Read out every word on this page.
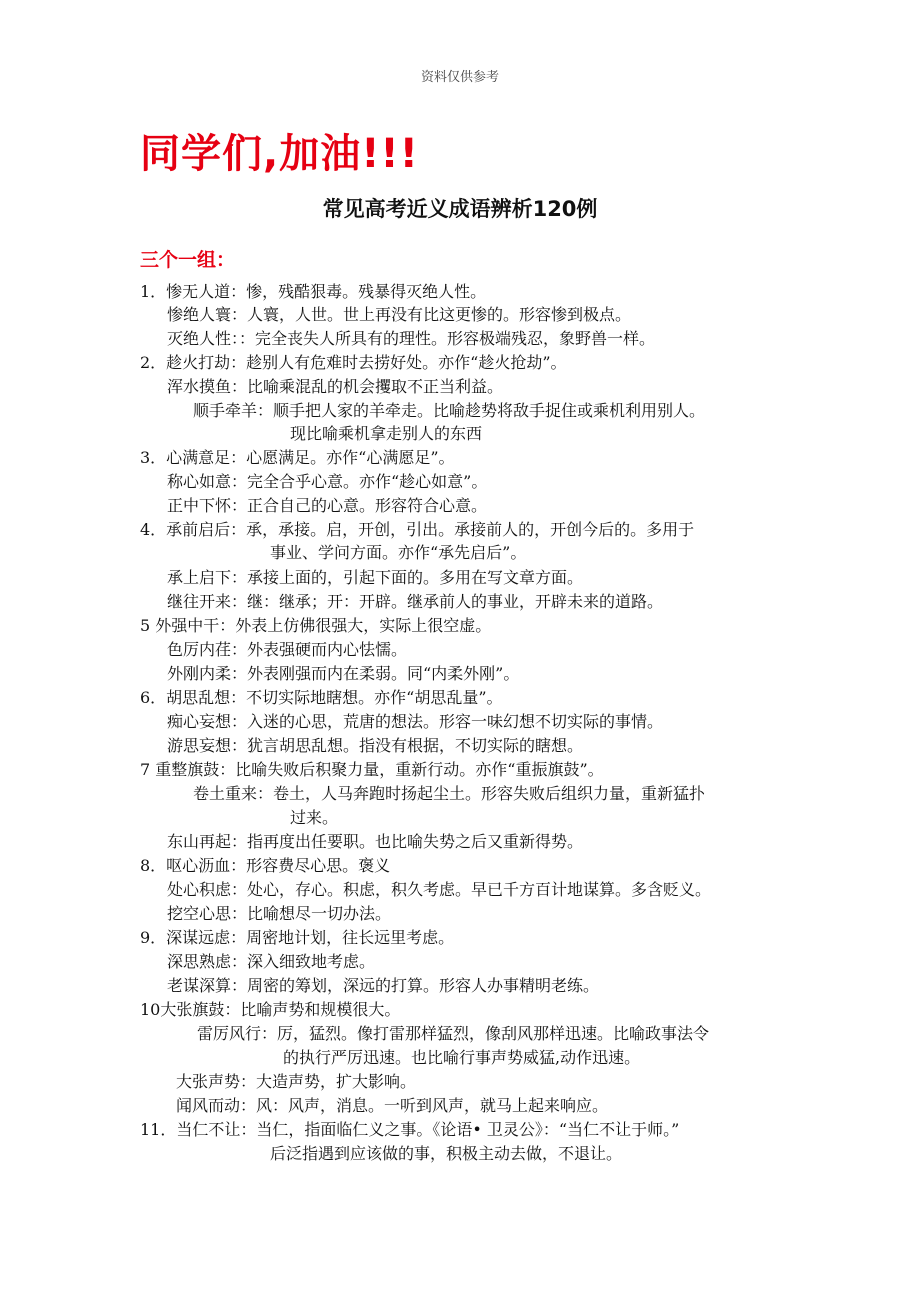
资料仅供参考
同学们,加油!!!
常见高考近义成语辨析120例
三个一组：
1．惨无人道：惨，残酷狠毒。残暴得灭绝人性。
惨绝人寰：人寰，人世。世上再没有比这更惨的。形容惨到极点。
灭绝人性：：完全丧失人所具有的理性。形容极端残忍，象野兽一样。
2．趁火打劫：趁别人有危难时去捞好处。亦作“趁火抢劫”。
浑水摸鱼：比喻乘混乱的机会攫取不正当利益。
顺手牵羊：顺手把人家的羊牵走。比喻趁势将敌手捉住或乘机利用别人。
现比喻乘机拿走别人的东西
3．心满意足：心愿满足。亦作“心满愿足”。
称心如意：完全合乎心意。亦作“趁心如意”。
正中下怀：正合自己的心意。形容符合心意。
4．承前启后：承，承接。启，开创，引出。承接前人的，开创今后的。多用于
事业、学问方面。亦作“承先启后”。
承上启下：承接上面的，引起下面的。多用在写文章方面。
继往开来：继：继承；开：开辟。继承前人的事业，开辟未来的道路。
5 外强中干：外表上仿佛很强大，实际上很空虚。
色厉内荏：外表强硬而内心怯懦。
外刚内柔：外表刚强而内在柔弱。同“内柔外刚”。
6．胡思乱想：不切实际地瞎想。亦作“胡思乱量”。
痴心妄想：入迷的心思，荒唐的想法。形容一味幻想不切实际的事情。
游思妄想：犹言胡思乱想。指没有根据，不切实际的瞎想。
7 重整旗鼓：比喻失败后积聚力量，重新行动。亦作“重振旗鼓”。
卷土重来：卷土，人马奔跑时扬起尘土。形容失败后组织力量，重新猛扑
过来。
东山再起：指再度出任要职。也比喻失势之后又重新得势。
8．呕心沥血：形容费尽心思。褒义
处心积虑：处心，存心。积虑，积久考虑。早已千方百计地谋算。多含贬义。
挖空心思：比喻想尽一切办法。
9．深谋远虑：周密地计划，往长远里考虑。
深思熟虑：深入细致地考虑。
老谋深算：周密的筹划，深远的打算。形容人办事精明老练。
10大张旗鼓：比喻声势和规模很大。
雷厉风行：厉，猛烈。像打雷那样猛烈，像刮风那样迅速。比喻政事法令
的执行严厉迅速。也比喻行事声势威猛,动作迅速。
大张声势：大造声势，扩大影响。
闻风而动：风：风声，消息。一听到风声，就马上起来响应。
11．当仁不让：当仁，指面临仁义之事。《论语• 卫灵公》：“当仁不让于师。”
后泛指遇到应该做的事，积极主动去做，不退让。
